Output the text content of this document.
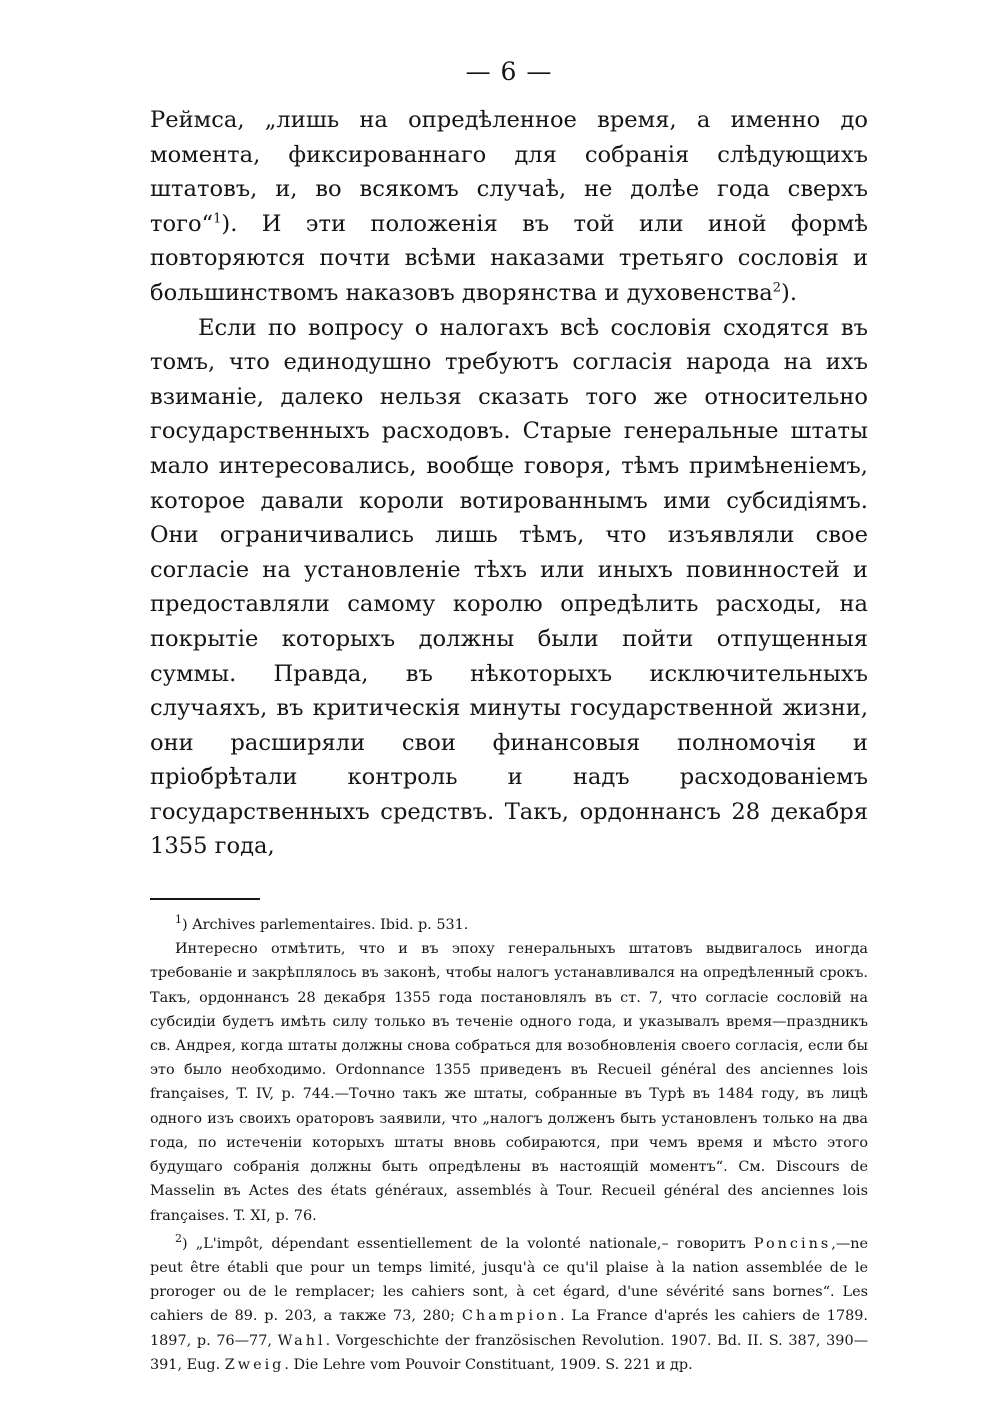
— 6 —

Реймса, „лишь на опредѣленное время, а именно до момента, фиксированнаго для собранія слѣдующихъ штатовъ, и, во всякомъ случаѣ, не долѣе года сверхъ того“$^1$). И эти положенія въ той или иной формѣ повторяются почти всѣми наказами третьяго сословія и большинствомъ наказовъ дворянства и духовенства$^2$).

Если по вопросу о налогахъ всѣ сословія сходятся въ томъ, что единодушно требуютъ согласія народа на ихъ взиманіе, далеко нельзя сказать того же относительно государственныхъ расходовъ. Старые генеральные штаты мало интересовались, вообще говоря, тѣмъ примѣненіемъ, которое давали короли вотированнымъ ими субсидіямъ. Они ограничивались лишь тѣмъ, что изъявляли свое согласіе на установленіе тѣхъ или иныхъ повинностей и предоставляли самому королю опредѣлить расходы, на покрытіе которыхъ должны были пойти отпущенныя суммы. Правда, въ нѣкоторыхъ исключительныхъ случаяхъ, въ критическія минуты государственной жизни, они расширяли свои финансовыя полномочія и пріобрѣтали контроль и надъ расходованіемъ государственныхъ средствъ. Такъ, ордоннансъ 28 декабря 1355 года,

$^1$) Archives parlementaires. Ibid. p. 531.

Интересно отмѣтить, что и въ эпоху генеральныхъ штатовъ выдвигалось иногда требованіе и закрѣплялось въ законѣ, чтобы налогъ устанавливался на опредѣленный срокъ. Такъ, ордоннансъ 28 декабря 1355 года постановлялъ въ ст. 7, что согласіе сословій на субсидіи будетъ имѣть силу только въ теченіе одного года, и указывалъ время—праздникъ св. Андрея, когда штаты должны снова собраться для возобновленія своего согласія, если бы это было необходимо. Ordonnance 1355 приведенъ въ Recueil général des anciennes lois françaises, T. IV, p. 744.—Точно такъ же штаты, собранные въ Турѣ въ 1484 году, въ лицѣ одного изъ своихъ ораторовъ заявили, что „налогъ долженъ быть установленъ только на два года, по истеченіи которыхъ штаты вновь собираются, при чемъ время и мѣсто этого будущаго собранія должны быть опредѣлены въ настоящій моментъ“. См. Discours de Masselin въ Actes des états généraux, assemblés à Tour. Recueil général des anciennes lois françaises. T. XI, p. 76.

$^2$) „L'impôt, dépendant essentiellement de la volonté nationale,– говоритъ Poncins,—ne peut être établi que pour un temps limité, jusqu'à ce qu'il plaise à la nation assemblée de le proroger ou de le remplacer; les cahiers sont, à cet égard, d'une sévérité sans bornes“. Les cahiers de 89. p. 203, а также 73, 280; Champion. La France d'aprés les cahiers de 1789. 1897, p. 76—77, Wahl. Vorgeschichte der französischen Revolution. 1907. Bd. II. S. 387, 390—391, Eug. Zweig. Die Lehre vom Pouvoir Constituant, 1909. S. 221 и др.
